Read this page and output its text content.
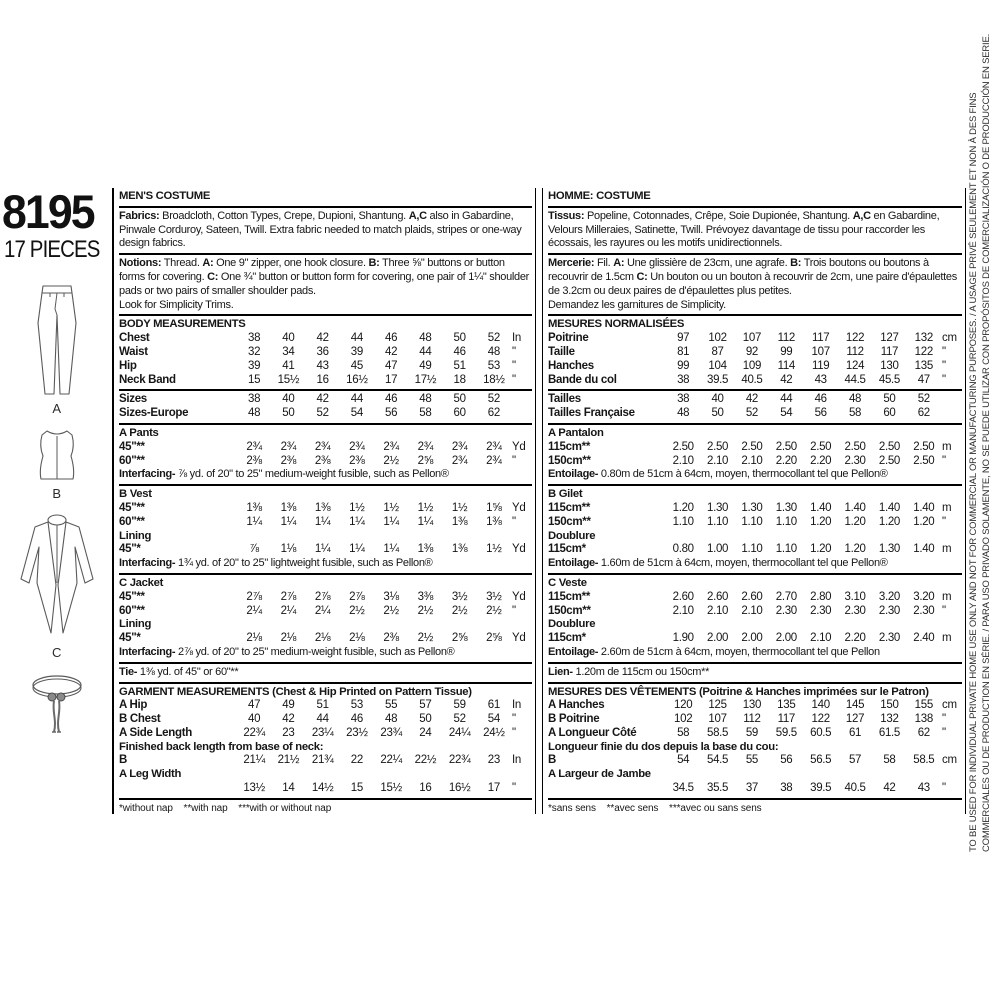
8195
17 PIECES
A
B
C
MEN'S COSTUME
Fabrics: Broadcloth, Cotton Types, Crepe, Dupioni, Shantung. A,C also in Gabardine, Pinwale Corduroy, Sateen, Twill. Extra fabric needed to match plaids, stripes or one-way design fabrics.
Notions: Thread. A: One 9" zipper, one hook closure. B: Three ⅝" buttons or button forms for covering. C: One ¾" button or button form for covering, one pair of 1¼" shoulder pads or two pairs of smaller shoulder pads.
Look for Simplicity Trims.
BODY MEASUREMENTS
Chest	38	40	42	44	46	48	50	52	In
Waist	32	34	36	39	42	44	46	48	"
Hip	39	41	43	45	47	49	51	53	"
Neck Band	15	15½	16	16½	17	17½	18	18½ "
Sizes	38	40	42	44	46	48	50	52
Sizes-Europe	48	50	52	54	56	58	60	62
A Pants
45"**	2¾	2¾	2¾	2¾	2¾	2¾	2¾	2¾ Yd
60"**	2⅜	2⅜	2⅜	2⅜	2½	2⅝	2¾	2¾ "
Interfacing- ⅞ yd. of 20" to 25" medium-weight fusible, such as Pellon®
B Vest
45"**	1⅜	1⅜	1⅜	1½	1½	1½	1½	1⅝ Yd
60"**	1¼	1¼	1¼	1¼	1¼	1¼	1⅜	1⅜ "
Lining
45"*	⅞	1⅛	1¼	1¼	1¼	1⅜	1⅜	1½ Yd
Interfacing- 1¾ yd. of 20" to 25" lightweight fusible, such as Pellon®
C Jacket
45"**	2⅞	2⅞	2⅞	2⅞	3⅛	3⅜	3½	3½ Yd
60"**	2¼	2¼	2¼	2½	2½	2½	2½	2½ "
Lining
45"*	2⅛	2⅛	2⅛	2⅛	2⅜	2½	2⅝	2⅝ Yd
Interfacing- 2⅞ yd. of 20" to 25" medium-weight fusible, such as Pellon®
Tie- 1⅜ yd. of 45" or 60"**
GARMENT MEASUREMENTS (Chest & Hip Printed on Pattern Tissue)
A Hip	47	49	51	53	55	57	59	61	In
B Chest	40	42	44	46	48	50	52	54	"
A Side Length	22¾	23	23¼	23½	23¾	24	24¼	24½ "
Finished back length from base of neck:
B	21¼	21½	21¾	22	22¼	22½	22¾	23	In
A Leg Width
13½	14	14½	15	15½	16	16½	17	"
*without nap    **with nap    ***with or without nap
HOMME: COSTUME
Tissus: Popeline, Cotonnades, Crêpe, Soie Dupionée, Shantung. A,C en Gabardine, Velours Milleraies, Satinette, Twill. Prévoyez davantage de tissu pour raccorder les écossais, les rayures ou les motifs unidirectionnels.
Mercerie: Fil. A: Une glissière de 23cm, une agrafe. B: Trois boutons ou boutons à recouvrir de 1.5cm C: Un bouton ou un bouton à recouvrir de 2cm, une paire d'épaulettes de 3.2cm ou deux paires de d'épaulettes plus petites.
Demandez les garnitures de Simplicity.
MESURES NORMALISÉES
Poitrine	97	102	107	112	117	122	127	132 cm
Taille	81	87	92	99	107	112	117	122 "
Hanches	99	104	109	114	119	124	130	135 "
Bande du col	38	39.5	40.5	42	43	44.5	45.5	47	"
Tailles	38	40	42	44	46	48	50	52
Tailles Française	48	50	52	54	56	58	60	62
A Pantalon
115cm**	2.50	2.50	2.50	2.50	2.50	2.50	2.50	2.50 m
150cm**	2.10	2.10	2.10	2.20	2.20	2.30	2.50	2.50 "
Entoilage- 0.80m de 51cm à 64cm, moyen, thermocollant tel que Pellon®
B Gilet
115cm**	1.20	1.30	1.30	1.30	1.40	1.40	1.40	1.40 m
150cm**	1.10	1.10	1.10	1.10	1.20	1.20	1.20	1.20 "
Doublure
115cm*	0.80	1.00	1.10	1.10	1.20	1.20	1.30	1.40 m
Entoilage- 1.60m de 51cm à 64cm, moyen, thermocollant tel que Pellon®
C Veste
115cm**	2.60	2.60	2.60	2.70	2.80	3.10	3.20	3.20 m
150cm**	2.10	2.10	2.10	2.30	2.30	2.30	2.30	2.30 "
Doublure
115cm*	1.90	2.00	2.00	2.00	2.10	2.20	2.30	2.40 m
Entoilage- 2.60m de 51cm à 64cm, moyen, thermocollant tel que Pellon
Lien- 1.20m de 115cm ou 150cm**
MESURES DES VÊTEMENTS (Poitrine & Hanches imprimées sur le Patron)
A Hanches	120	125	130	135	140	145	150	155 cm
B Poitrine	102	107	112	117	122	127	132	138 "
A Longueur Côté	58	58.5	59	59.5	60.5	61	61.5	62	"
Longueur finie du dos depuis la base du cou:
B	54	54.5	55	56	56.5	57	58	58.5 cm
A Largeur de Jambe
34.5	35.5	37	38	39.5	40.5	42	43	"
*sans sens    **avec sens    ***avec ou sans sens	TO BE USED FOR INDIVIDUAL PRIVATE HOME USE ONLY AND NOT FOR COMMERCIAL OR MANUFACTURING PURPOSES. / A USAGE PRIVÉ SEULEMENT ET NON À DES FINS COMMERCIALES OU DE PRODUCTION EN SÉRIE. / PARA USO PRIVADO SOLAMENTE, NO SE PUEDE UTILIZAR CON PROPÓSITOS DE COMERCIALIZACIÓN O DE PRODUCCIÓN EN SERIE.
